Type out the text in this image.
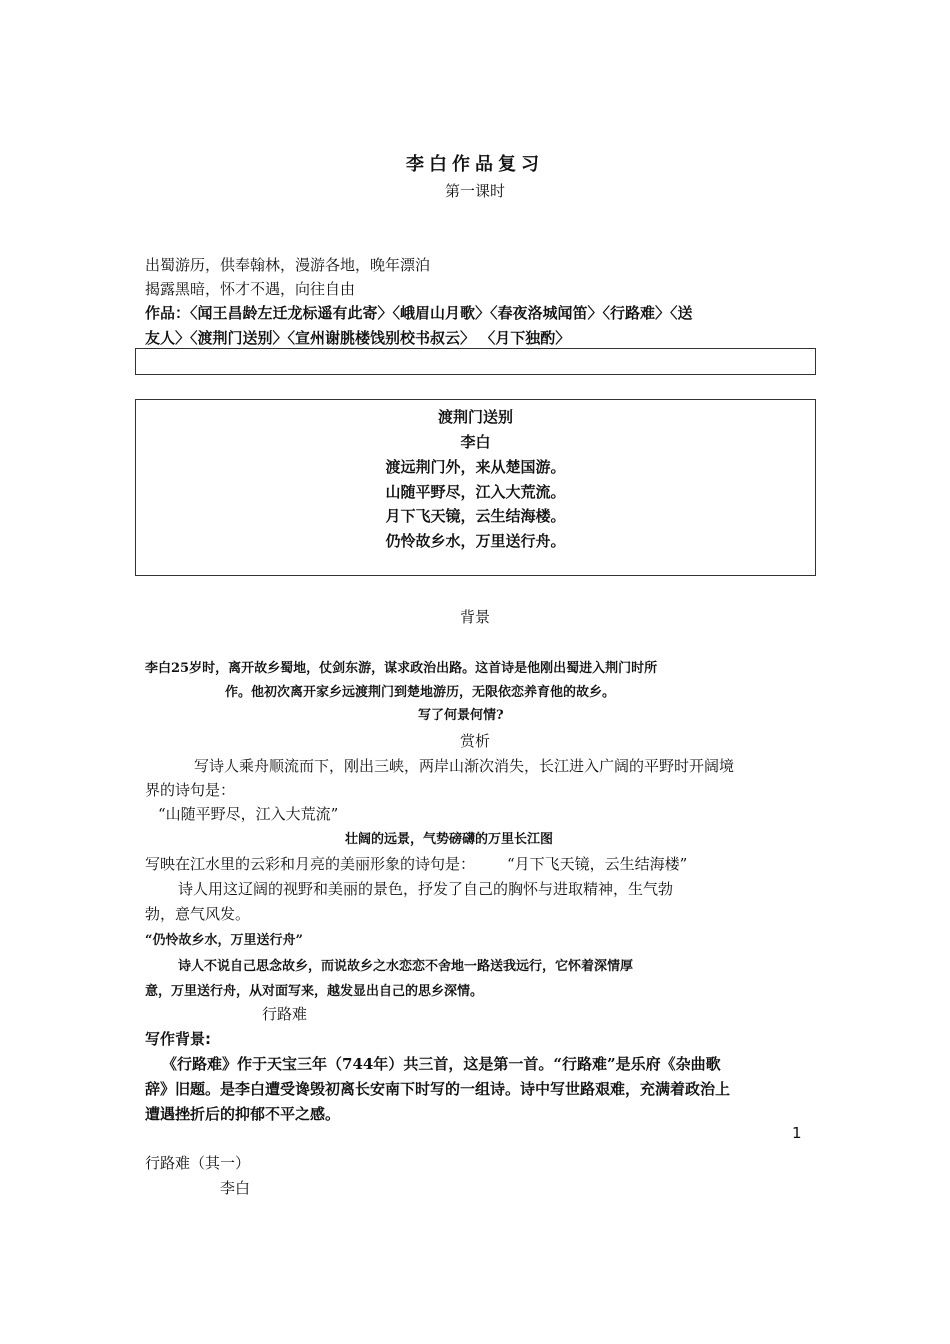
李白作品复习
第一课时
出蜀游历，供奉翰林，漫游各地，晚年漂泊
揭露黑暗，怀才不遇，向往自由
作品：〈闻王昌龄左迁龙标遥有此寄〉〈峨眉山月歌〉〈春夜洛城闻笛〉〈行路难〉〈送
友人〉〈渡荆门送别〉〈宣州谢朓楼饯别校书叔云〉 〈月下独酌〉
渡荆门送别
李白
渡远荆门外，来从楚国游。
山随平野尽，江入大荒流。
月下飞天镜，云生结海楼。
仍怜故乡水，万里送行舟。
背景
李白25岁时，离开故乡蜀地，仗剑东游，谋求政治出路。这首诗是他刚出蜀进入荆门时所
作。他初次离开家乡远渡荆门到楚地游历，无限依恋养育他的故乡。
写了何景何情?
赏析
写诗人乘舟顺流而下，刚出三峡，两岸山渐次消失，长江进入广阔的平野时开阔境
界的诗句是：
“山随平野尽，江入大荒流”
壮阔的远景，气势磅礴的万里长江图
写映在江水里的云彩和月亮的美丽形象的诗句是： “月下飞天镜，云生结海楼”
诗人用这辽阔的视野和美丽的景色，抒发了自己的胸怀与进取精神，生气勃
勃，意气风发。
“仍怜故乡水，万里送行舟”
诗人不说自己思念故乡，而说故乡之水恋恋不舍地一路送我远行，它怀着深情厚
意，万里送行舟，从对面写来，越发显出自己的思乡深情。
行路难
写作背景:
《行路难》作于天宝三年（744年）共三首，这是第一首。“行路难”是乐府《杂曲歌
辞》旧题。是李白遭受谗毁初离长安南下时写的一组诗。诗中写世路艰难，充满着政治上
遭遇挫折后的抑郁不平之感。
1
行路难（其一）
李白
